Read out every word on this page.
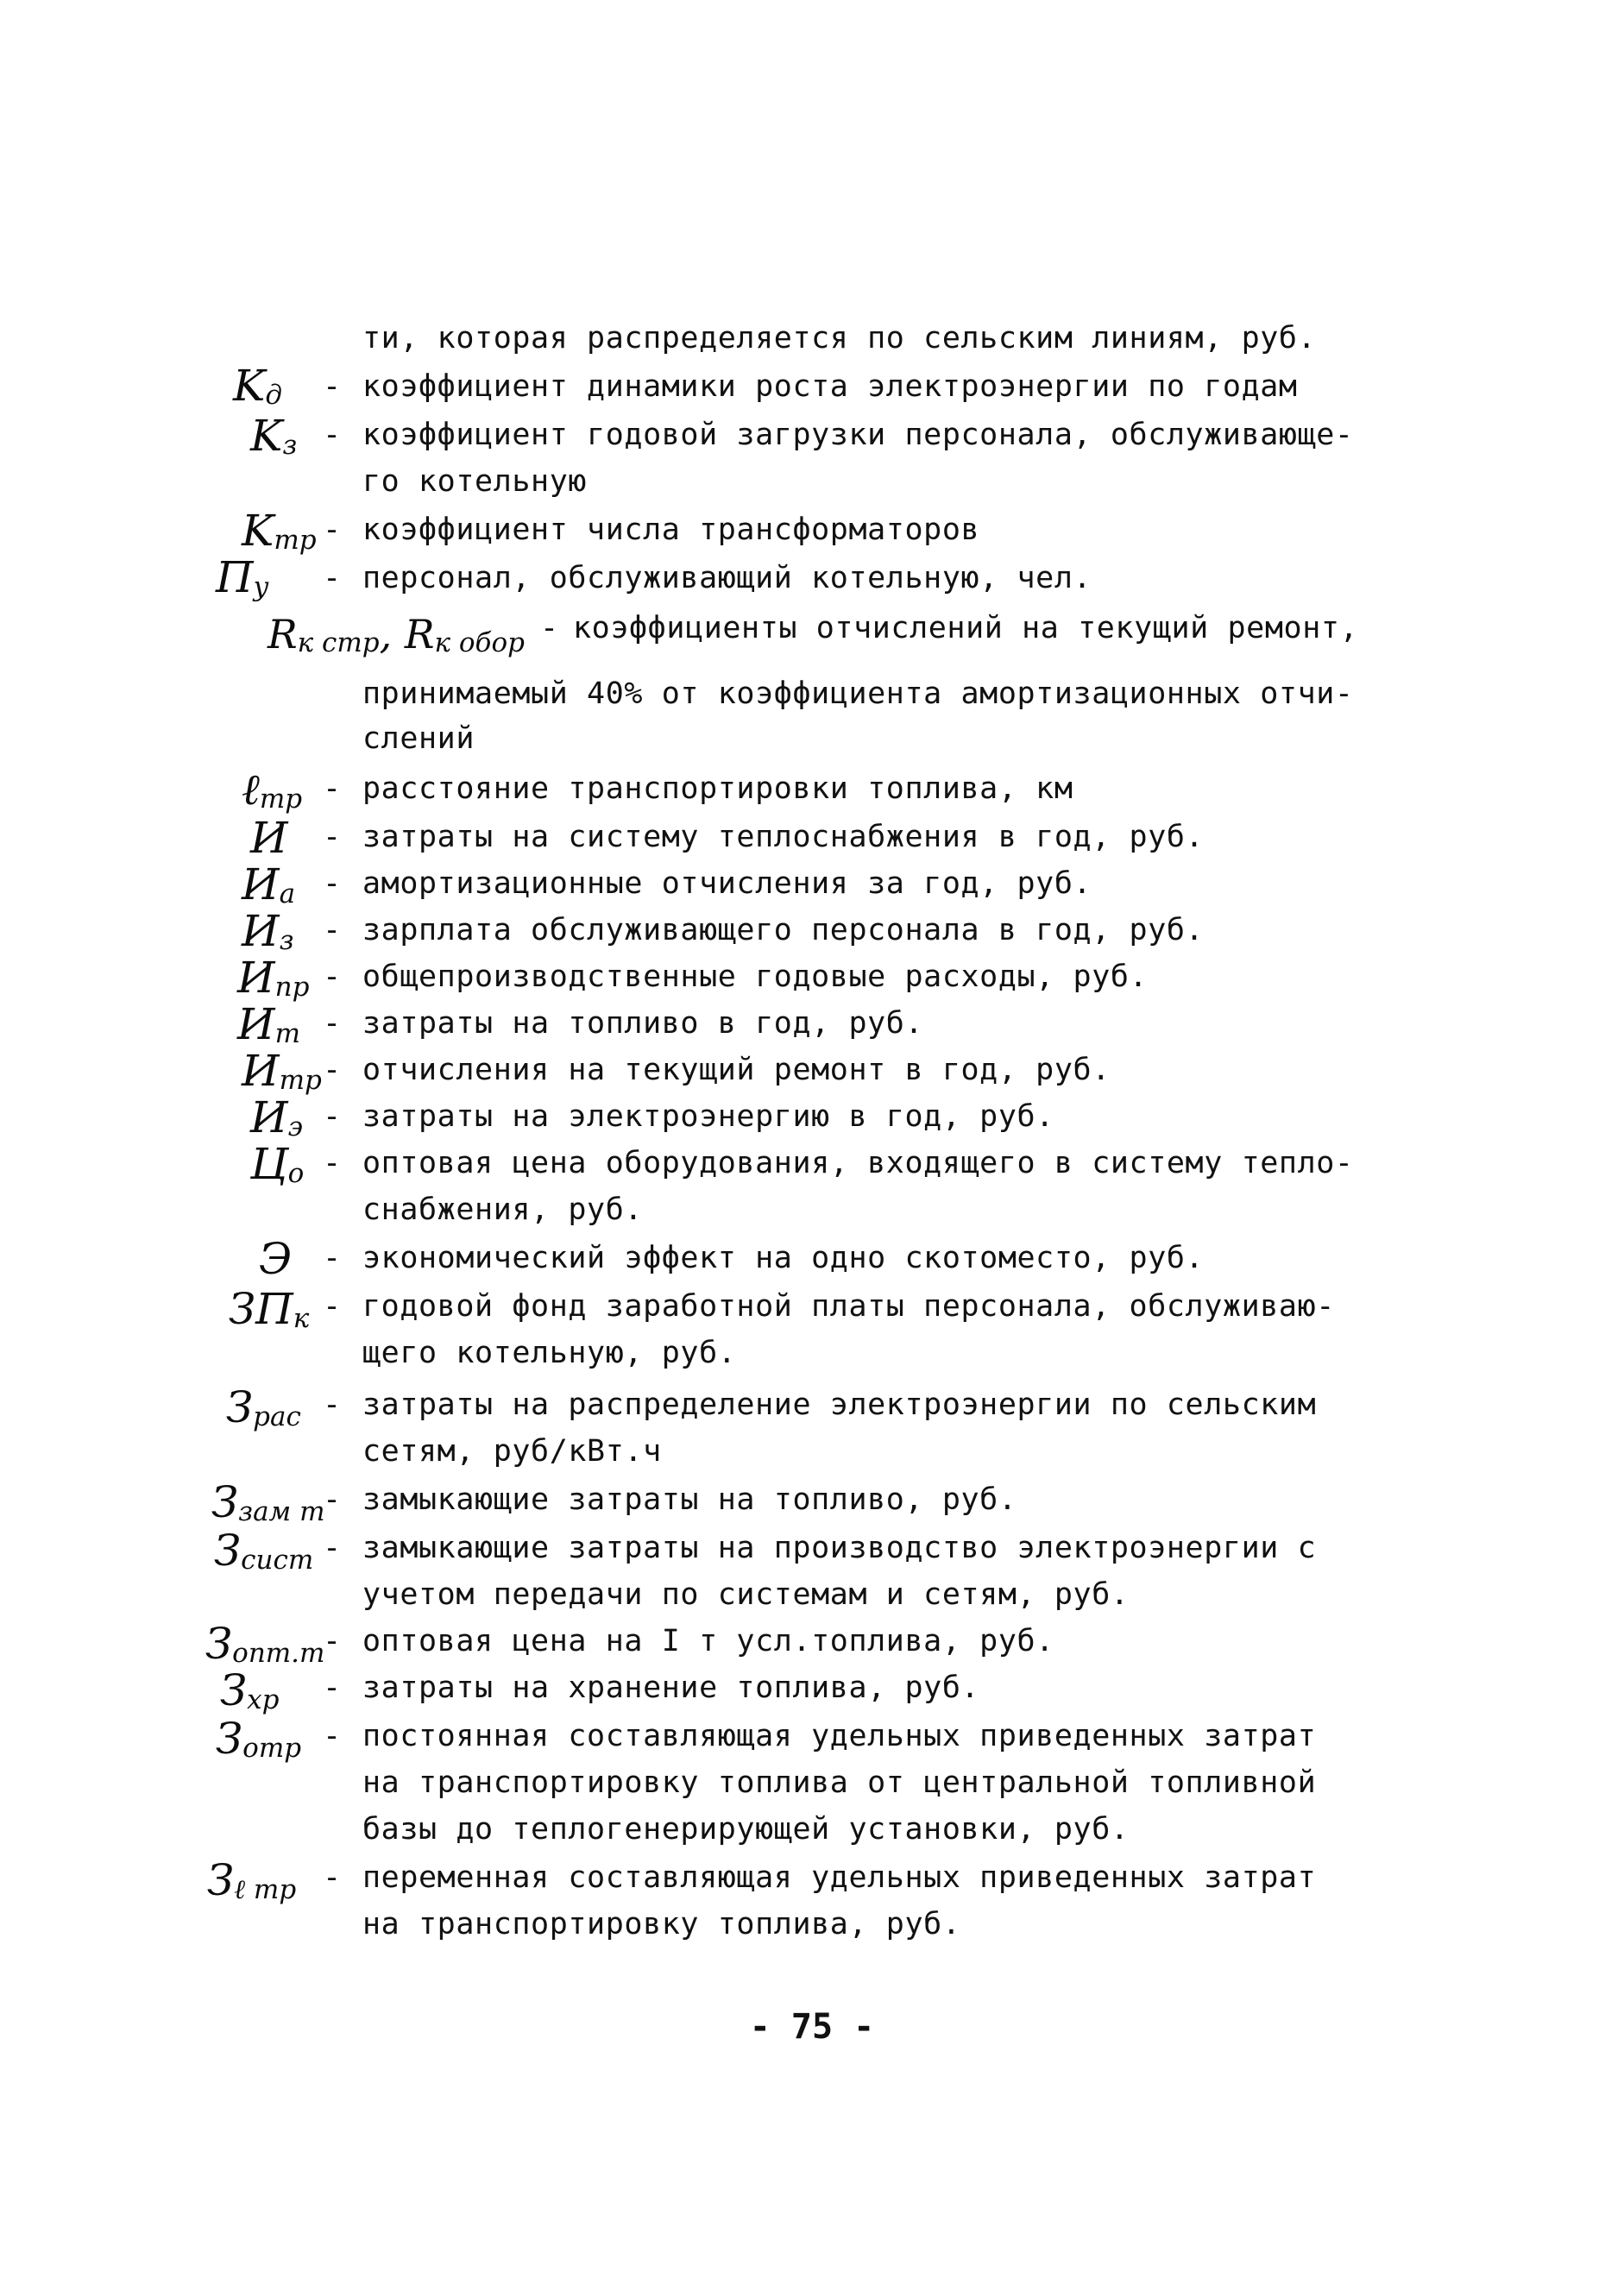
ти, которая распределяется по сельским линиям, руб.
$K_д$ - коэффициент динамики роста электроэнергии по годам
$K_з$ - коэффициент годовой загрузки персонала, обслуживающе-
го котельную
$K_{тр}$ - коэффициент числа трансформаторов
$П_у$ - персонал, обслуживающий котельную, чел.
$R_{к стр}$, $R_{к обор}$ - коэффициенты отчислений на текущий ремонт,
принимаемый 40% от коэффициента амортизационных отчи-
слений
ℓ$_{тр}$ - расстояние транспортировки топлива, км
И - затраты на систему теплоснабжения в год, руб.
$И_а$ - амортизационные отчисления за год, руб.
$И_з$ - зарплата обслуживающего персонала в год, руб.
$И_{пр}$ - общепроизводственные годовые расходы, руб.
$И_т$ - затраты на топливо в год, руб.
$И_{тр}$ - отчисления на текущий ремонт в год, руб.
$И_э$ - затраты на электроэнергию в год, руб.
$Ц_о$ - оптовая цена оборудования, входящего в систему тепло-
снабжения, руб.
Э - экономический эффект на одно скотоместо, руб.
$ЗП_к$ - годовой фонд заработной платы персонала, обслуживаю-
щего котельную, руб.
$З_{рас}$ - затраты на распределение электроэнергии по сельским
сетям, руб/кВт.ч
$З_{зам т}$
- замыкающие затраты на топливо, руб.
$З_{сист}$ - замыкающие затраты на производство электроэнергии с
учетом передачи по системам и сетям, руб.
$З_{опт.т}$
- оптовая цена на I т усл.топлива, руб.
$З_{хр}$ - затраты на хранение топлива, руб.
$З_{отр}$ - постоянная составляющая удельных приведенных затрат
на транспортировку топлива от центральной топливной
базы до теплогенерирующей установки, руб.
$З_{\ell тр}$ - переменная составляющая удельных приведенных затрат
на транспортировку топлива, руб.
- 75 -
